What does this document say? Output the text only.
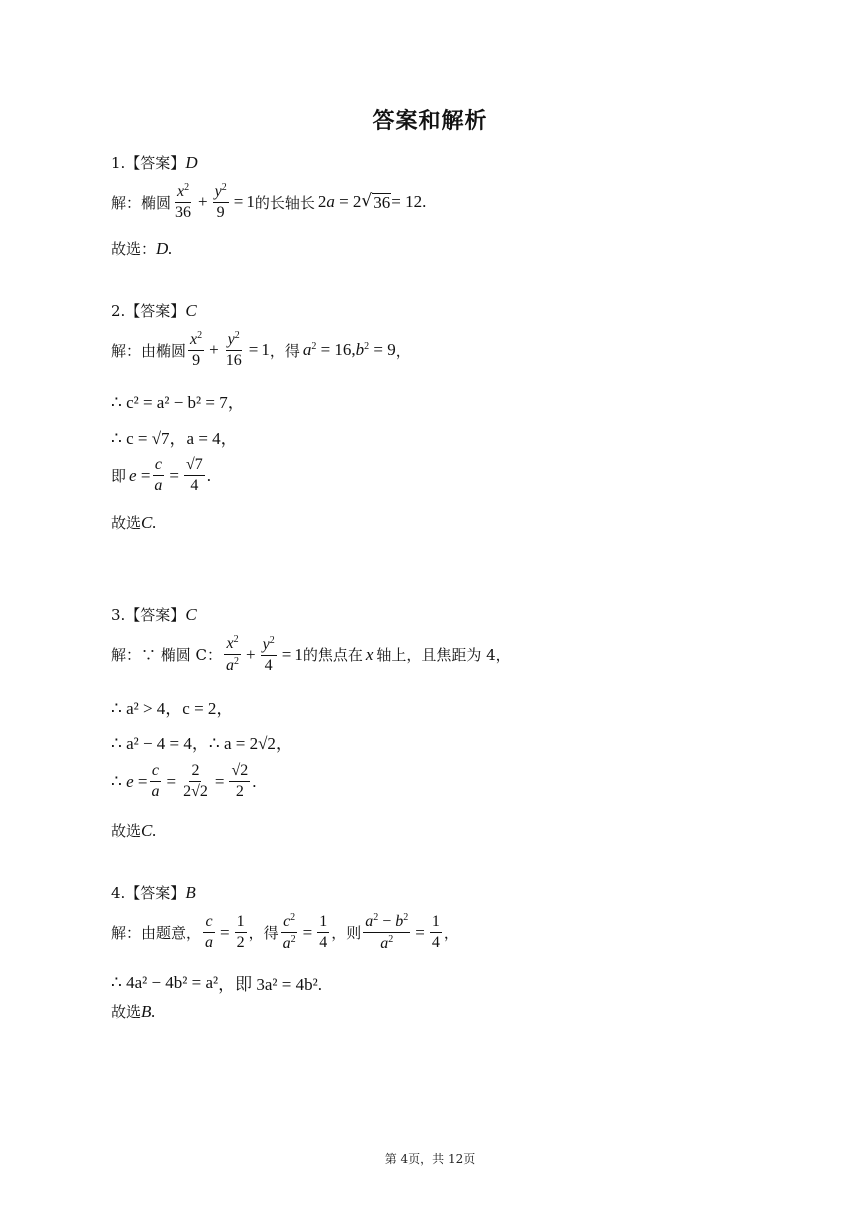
答案和解析
1.【答案】 D
解：椭圆 $\frac{x^2}{36} + \frac{y^2}{9} = 1$ 的长轴长 2a = 2 √ 36 = 12.
故选： D.
2.【答案】 C
解：由椭圆 $\frac{x^2}{9} + \frac{y^2}{16} = 1$ ，得 $a^2 = 16,b^2 = 9$ ，
∴ c² = a² − b² = 7，
∴ c = √7，a = 4，
即 $e = \frac{c}{a} = \frac{√7}{4}$ .
故选 C.
3.【答案】 C
解：∵ 椭圆 C： $\frac{x^2}{a^2} + \frac{y^2}{4} = 1$ 的焦点在 x 轴上，且焦距为 4，
∴ a² > 4，c = 2，
∴ a² − 4 = 4，∴ a = 2√2，
∴ $e = \frac{c}{a} = \frac{2}{2√2} = \frac{√2}{2}$ .
故选 C.
4.【答案】 B
解：由题意， $\frac{c}{a} = \frac{1}{2}$ ，得 $\frac{c^2}{a^2} = \frac{1}{4}$ ，则 $\frac{a^2 - b^2}{a^2} = \frac{1}{4}$ ，
∴ 4a² − 4b² = a² ，即 3a² = 4b².
故选 B.
第 4页，共 12页
